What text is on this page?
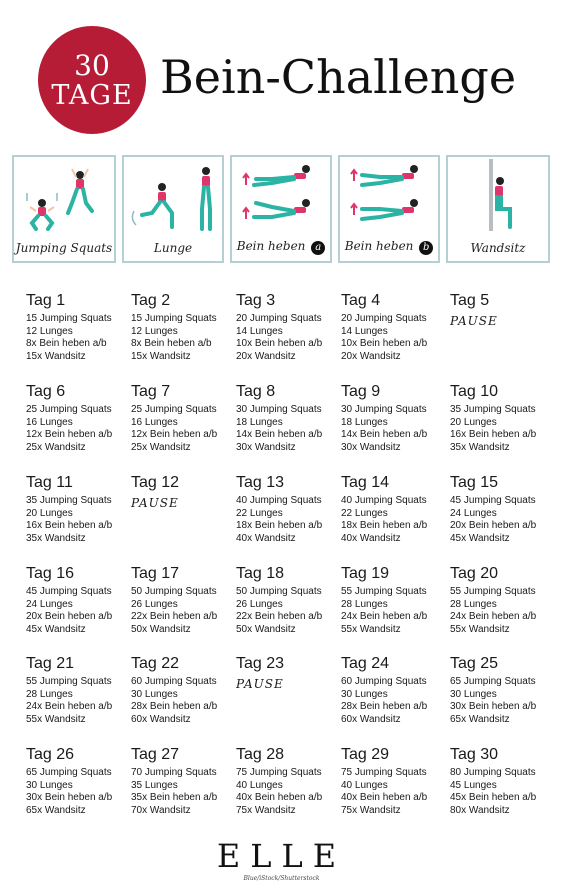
30
TAGE Bein-Challenge
Jumping Squats	Lunge	Bein heben a	Bein heben b	Wandsitz
Tag 1
15 Jumping Squats
12 Lunges
8x Bein heben a/b
15x Wandsitz
Tag 2
15 Jumping Squats
12 Lunges
8x Bein heben a/b
15x Wandsitz
Tag 3
20 Jumping Squats
14 Lunges
10x Bein heben a/b
20x Wandsitz
Tag 4
20 Jumping Squats
14 Lunges
10x Bein heben a/b
20x Wandsitz
Tag 5
PAUSE
Tag 6
25 Jumping Squats
16 Lunges
12x Bein heben a/b
25x Wandsitz
Tag 7
25 Jumping Squats
16 Lunges
12x Bein heben a/b
25x Wandsitz
Tag 8
30 Jumping Squats
18 Lunges
14x Bein heben a/b
30x Wandsitz
Tag 9
30 Jumping Squats
18 Lunges
14x Bein heben a/b
30x Wandsitz
Tag 10
35 Jumping Squats
20 Lunges
16x Bein heben a/b
35x Wandsitz
Tag 11
35 Jumping Squats
20 Lunges
16x Bein heben a/b
35x Wandsitz
Tag 12
PAUSE
Tag 13
40 Jumping Squats
22 Lunges
18x Bein heben a/b
40x Wandsitz
Tag 14
40 Jumping Squats
22 Lunges
18x Bein heben a/b
40x Wandsitz
Tag 15
45 Jumping Squats
24 Lunges
20x Bein heben a/b
45x Wandsitz
Tag 16
45 Jumping Squats
24 Lunges
20x Bein heben a/b
45x Wandsitz
Tag 17
50 Jumping Squats
26 Lunges
22x Bein heben a/b
50x Wandsitz
Tag 18
50 Jumping Squats
26 Lunges
22x Bein heben a/b
50x Wandsitz
Tag 19
55 Jumping Squats
28 Lunges
24x Bein heben a/b
55x Wandsitz
Tag 20
55 Jumping Squats
28 Lunges
24x Bein heben a/b
55x Wandsitz
Tag 21
55 Jumping Squats
28 Lunges
24x Bein heben a/b
55x Wandsitz
Tag 22
60 Jumping Squats
30 Lunges
28x Bein heben a/b
60x Wandsitz
Tag 23
PAUSE
Tag 24
60 Jumping Squats
30 Lunges
28x Bein heben a/b
60x Wandsitz
Tag 25
65 Jumping Squats
30 Lunges
30x Bein heben a/b
65x Wandsitz
Tag 26
65 Jumping Squats
30 Lunges
30x Bein heben a/b
65x Wandsitz
Tag 27
70 Jumping Squats
35 Lunges
35x Bein heben a/b
70x Wandsitz
Tag 28
75 Jumping Squats
40 Lunges
40x Bein heben a/b
75x Wandsitz
Tag 29
75 Jumping Squats
40 Lunges
40x Bein heben a/b
75x Wandsitz
Tag 30
80 Jumping Squats
45 Lunges
45x Bein heben a/b
80x Wandsitz
ELLE
Blue/iStock/Shutterstock
